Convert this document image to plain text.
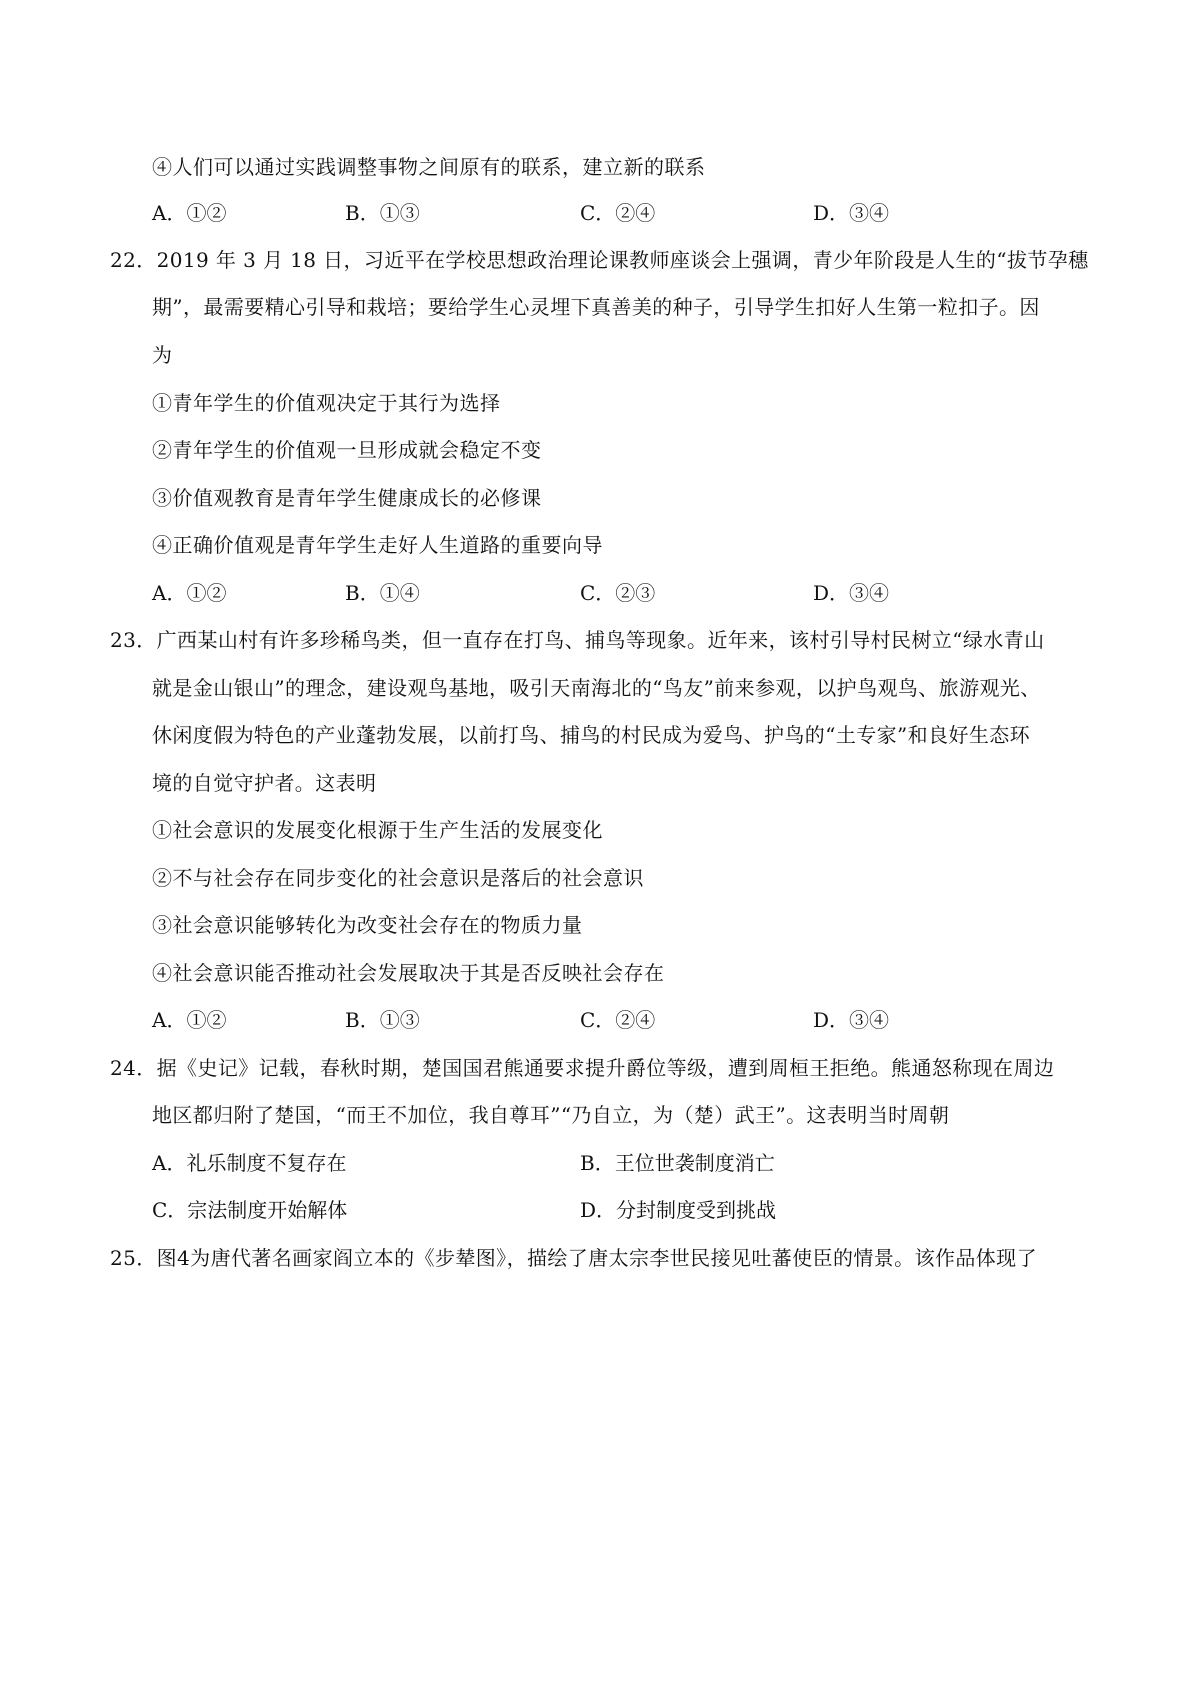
④人们可以通过实践调整事物之间原有的联系，建立新的联系
A．①②	B．①③	C．②④	D．③④
22．2019 年 3 月 18 日，习近平在学校思想政治理论课教师座谈会上强调，青少年阶段是人生的“拔节孕穗
期”，最需要精心引导和栽培；要给学生心灵埋下真善美的种子，引导学生扣好人生第一粒扣子。因
为
①青年学生的价值观决定于其行为选择
②青年学生的价值观一旦形成就会稳定不变
③价值观教育是青年学生健康成长的必修课
④正确价值观是青年学生走好人生道路的重要向导
A．①②	B．①④	C．②③	D．③④
23．广西某山村有许多珍稀鸟类，但一直存在打鸟、捕鸟等现象。近年来，该村引导村民树立“绿水青山
就是金山银山”的理念，建设观鸟基地，吸引天南海北的“鸟友”前来参观，以护鸟观鸟、旅游观光、
休闲度假为特色的产业蓬勃发展，以前打鸟、捕鸟的村民成为爱鸟、护鸟的“土专家”和良好生态环
境的自觉守护者。这表明
①社会意识的发展变化根源于生产生活的发展变化
②不与社会存在同步变化的社会意识是落后的社会意识
③社会意识能够转化为改变社会存在的物质力量
④社会意识能否推动社会发展取决于其是否反映社会存在
A．①②	B．①③	C．②④	D．③④
24．据《史记》记载，春秋时期，楚国国君熊通要求提升爵位等级，遭到周桓王拒绝。熊通怒称现在周边
地区都归附了楚国，“而王不加位，我自尊耳”“乃自立，为（楚）武王”。这表明当时周朝
A．礼乐制度不复存在	B．王位世袭制度消亡
C．宗法制度开始解体	D．分封制度受到挑战
25．图4为唐代著名画家阎立本的《步辇图》，描绘了唐太宗李世民接见吐蕃使臣的情景。该作品体现了
